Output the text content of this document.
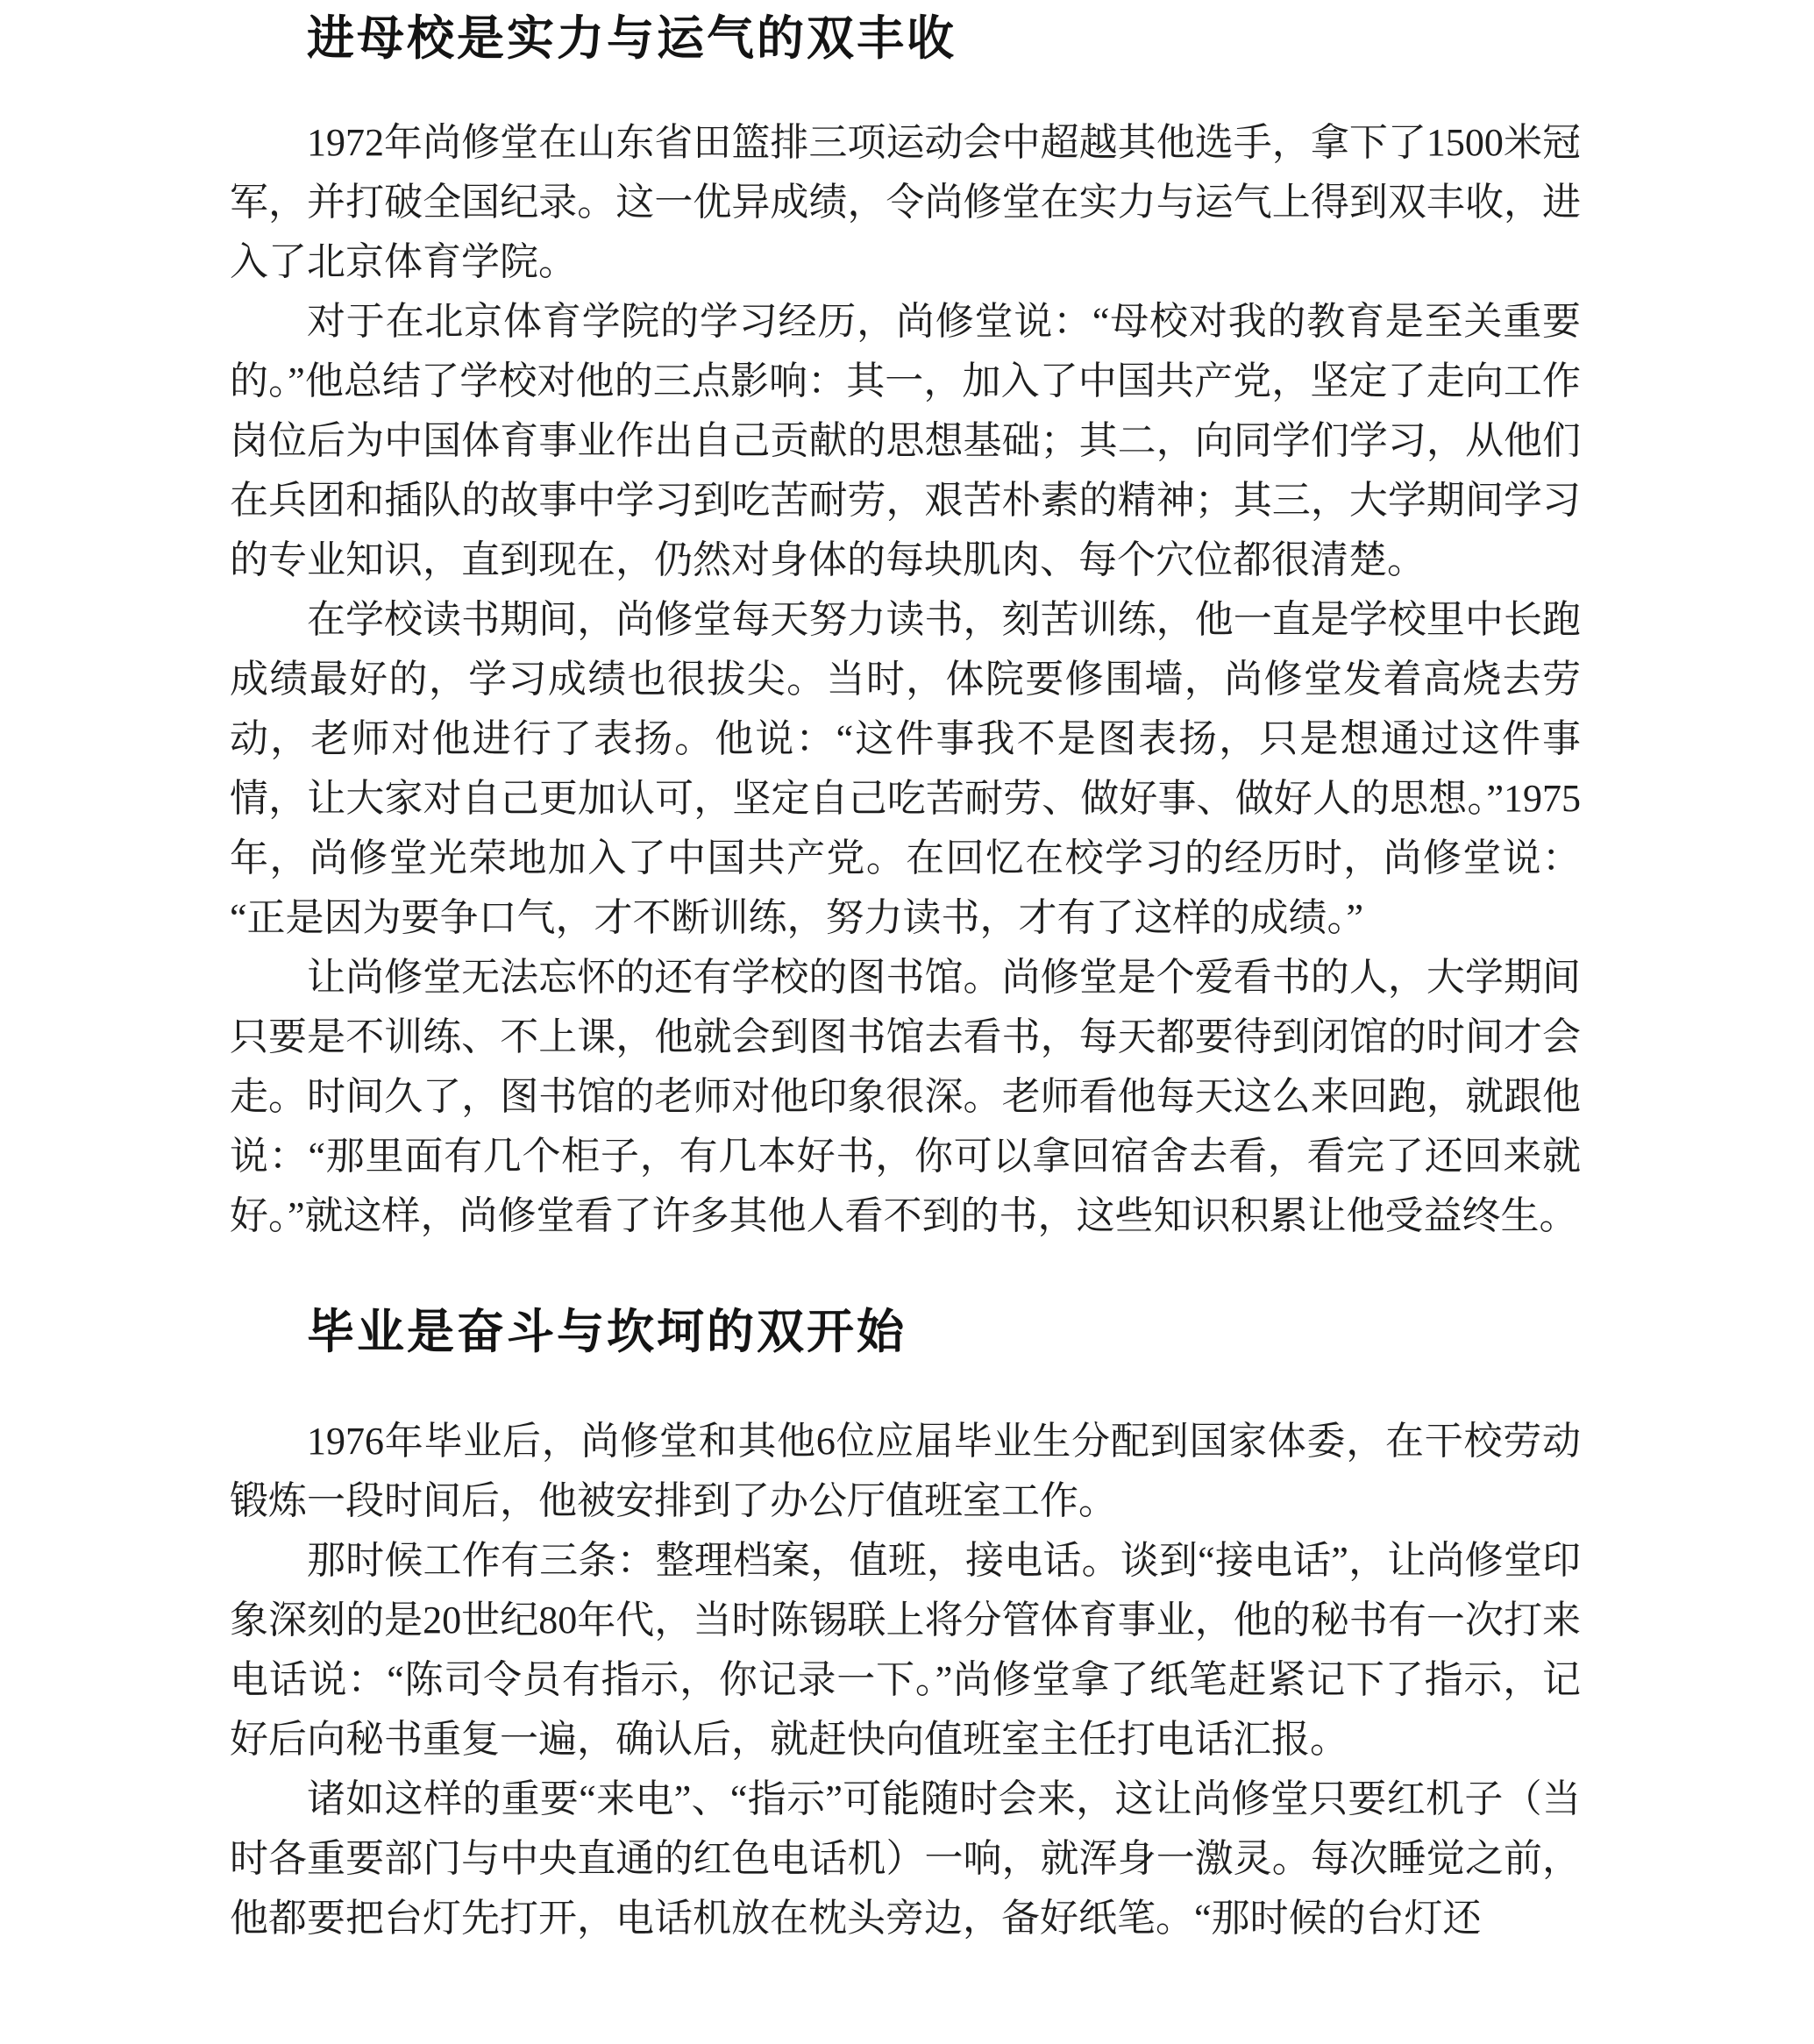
进母校是实力与运气的双丰收

1972年尚修堂在山东省田篮排三项运动会中超越其他选手，拿下了1500米冠军，并打破全国纪录。这一优异成绩，令尚修堂在实力与运气上得到双丰收，进入了北京体育学院。

对于在北京体育学院的学习经历，尚修堂说：“母校对我的教育是至关重要的。”他总结了学校对他的三点影响：其一，加入了中国共产党，坚定了走向工作岗位后为中国体育事业作出自己贡献的思想基础；其二，向同学们学习，从他们在兵团和插队的故事中学习到吃苦耐劳，艰苦朴素的精神；其三，大学期间学习的专业知识，直到现在，仍然对身体的每块肌肉、每个穴位都很清楚。

在学校读书期间，尚修堂每天努力读书，刻苦训练，他一直是学校里中长跑成绩最好的，学习成绩也很拔尖。当时，体院要修围墙，尚修堂发着高烧去劳动，老师对他进行了表扬。他说：“这件事我不是图表扬，只是想通过这件事情，让大家对自己更加认可，坚定自己吃苦耐劳、做好事、做好人的思想。”1975年，尚修堂光荣地加入了中国共产党。在回忆在校学习的经历时，尚修堂说：“正是因为要争口气，才不断训练，努力读书，才有了这样的成绩。”

让尚修堂无法忘怀的还有学校的图书馆。尚修堂是个爱看书的人，大学期间只要是不训练、不上课，他就会到图书馆去看书，每天都要待到闭馆的时间才会走。时间久了，图书馆的老师对他印象很深。老师看他每天这么来回跑，就跟他说：“那里面有几个柜子，有几本好书，你可以拿回宿舍去看，看完了还回来就好。”就这样，尚修堂看了许多其他人看不到的书，这些知识积累让他受益终生。

毕业是奋斗与坎坷的双开始

1976年毕业后，尚修堂和其他6位应届毕业生分配到国家体委，在干校劳动锻炼一段时间后，他被安排到了办公厅值班室工作。

那时候工作有三条：整理档案，值班，接电话。谈到“接电话”，让尚修堂印象深刻的是20世纪80年代，当时陈锡联上将分管体育事业，他的秘书有一次打来电话说：“陈司令员有指示，你记录一下。”尚修堂拿了纸笔赶紧记下了指示，记好后向秘书重复一遍，确认后，就赶快向值班室主任打电话汇报。

诸如这样的重要“来电”、“指示”可能随时会来，这让尚修堂只要红机子（当时各重要部门与中央直通的红色电话机）一响，就浑身一激灵。每次睡觉之前，他都要把台灯先打开，电话机放在枕头旁边，备好纸笔。“那时候的台灯还
